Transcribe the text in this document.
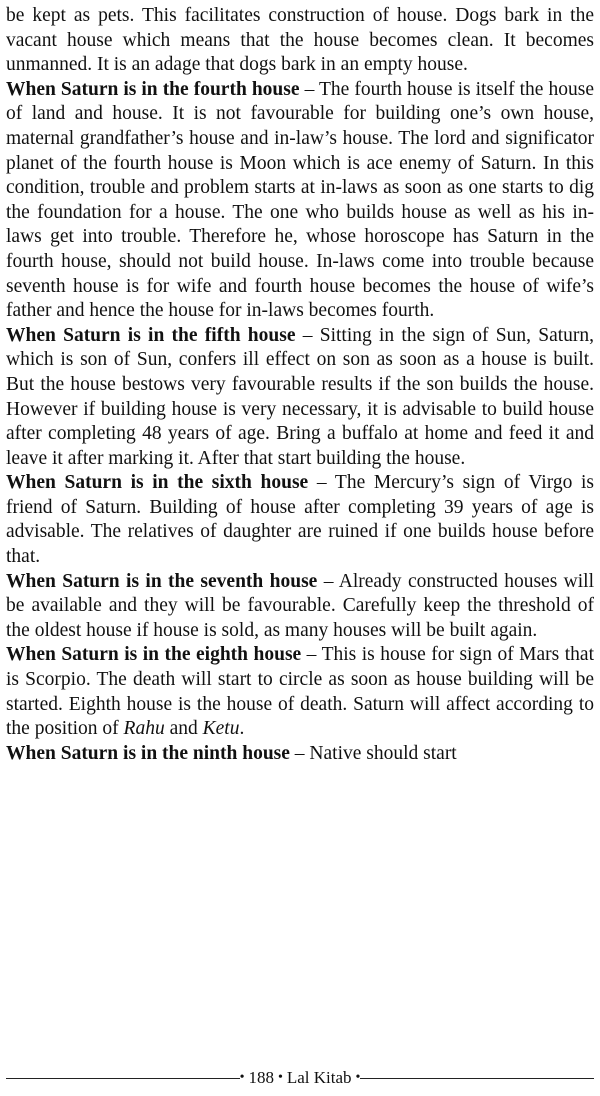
be kept as pets. This facilitates construction of house. Dogs bark in the vacant house which means that the house becomes clean. It becomes unmanned. It is an adage that dogs bark in an empty house.

When Saturn is in the fourth house – The fourth house is itself the house of land and house. It is not favourable for building one’s own house, maternal grandfather’s house and in-law’s house. The lord and significator planet of the fourth house is Moon which is ace enemy of Saturn. In this condition, trouble and problem starts at in-laws as soon as one starts to dig the foundation for a house. The one who builds house as well as his in-laws get into trouble. Therefore he, whose horoscope has Saturn in the fourth house, should not build house. In-laws come into trouble because seventh house is for wife and fourth house becomes the house of wife’s father and hence the house for in-laws becomes fourth.

When Saturn is in the fifth house – Sitting in the sign of Sun, Saturn, which is son of Sun, confers ill effect on son as soon as a house is built. But the house bestows very favourable results if the son builds the house. However if building house is very necessary, it is advisable to build house after completing 48 years of age. Bring a buffalo at home and feed it and leave it after marking it. After that start building the house.

When Saturn is in the sixth house – The Mercury’s sign of Virgo is friend of Saturn. Building of house after completing 39 years of age is advisable. The relatives of daughter are ruined if one builds house before that.

When Saturn is in the seventh house – Already constructed houses will be available and they will be favourable. Carefully keep the threshold of the oldest house if house is sold, as many houses will be built again.

When Saturn is in the eighth house – This is house for sign of Mars that is Scorpio. The death will start to circle as soon as house building will be started. Eighth house is the house of death. Saturn will affect according to the position of Rahu and Ketu.

When Saturn is in the ninth house – Native should start

• 188 • Lal Kitab •
